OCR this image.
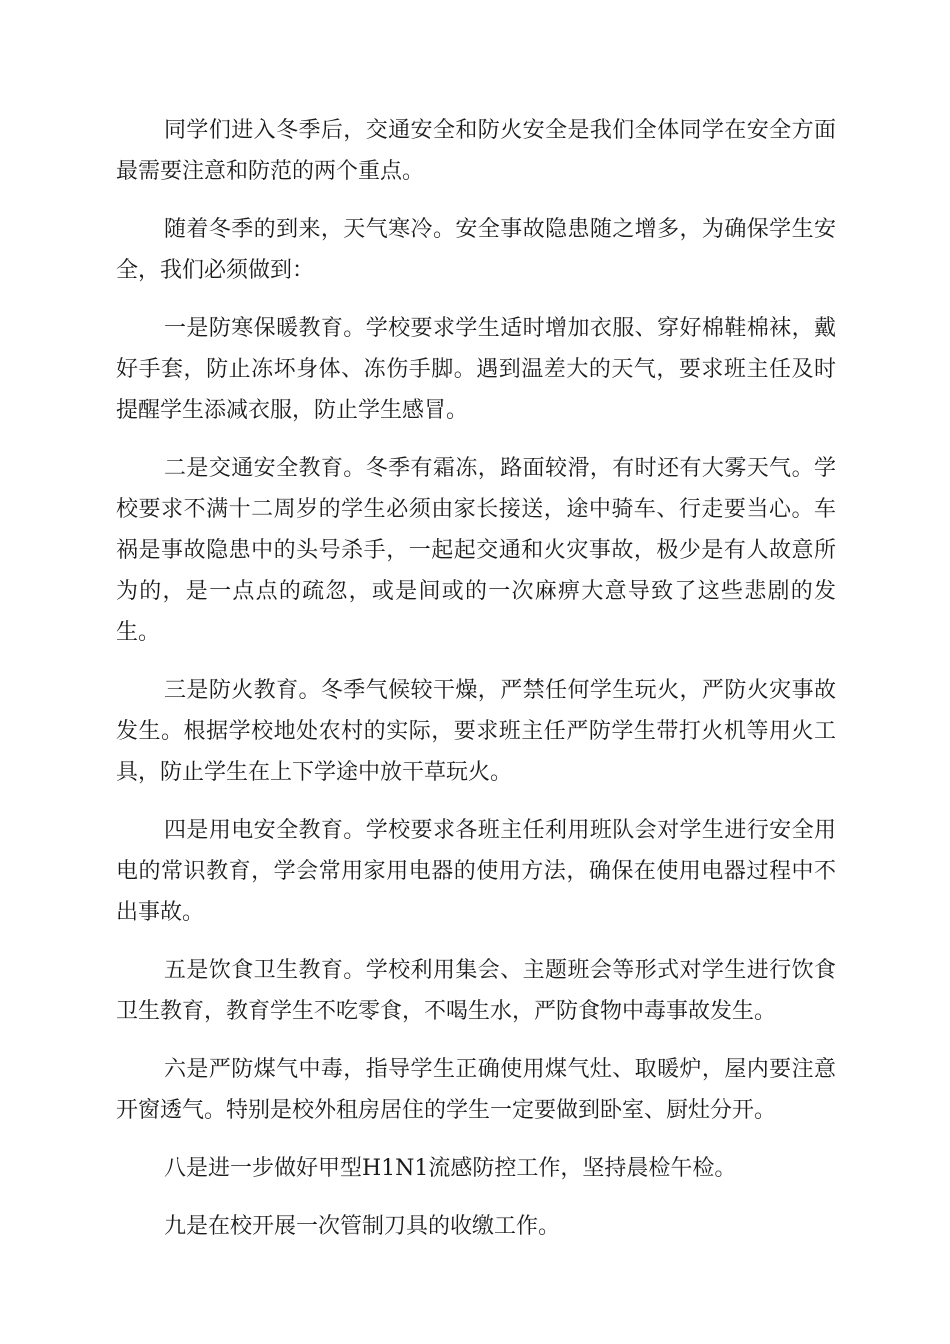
同学们进入冬季后，交通安全和防火安全是我们全体同学在安全方面最需要注意和防范的两个重点。

随着冬季的到来，天气寒冷。安全事故隐患随之增多，为确保学生安全，我们必须做到：

一是防寒保暖教育。学校要求学生适时增加衣服、穿好棉鞋棉袜，戴好手套，防止冻坏身体、冻伤手脚。遇到温差大的天气，要求班主任及时提醒学生添减衣服，防止学生感冒。

二是交通安全教育。冬季有霜冻，路面较滑，有时还有大雾天气。学校要求不满十二周岁的学生必须由家长接送，途中骑车、行走要当心。车祸是事故隐患中的头号杀手，一起起交通和火灾事故，极少是有人故意所为的，是一点点的疏忽，或是间或的一次麻痹大意导致了这些悲剧的发生。

三是防火教育。冬季气候较干燥，严禁任何学生玩火，严防火灾事故发生。根据学校地处农村的实际，要求班主任严防学生带打火机等用火工具，防止学生在上下学途中放干草玩火。

四是用电安全教育。学校要求各班主任利用班队会对学生进行安全用电的常识教育，学会常用家用电器的使用方法，确保在使用电器过程中不出事故。

五是饮食卫生教育。学校利用集会、主题班会等形式对学生进行饮食卫生教育，教育学生不吃零食，不喝生水，严防食物中毒事故发生。

六是严防煤气中毒，指导学生正确使用煤气灶、取暖炉，屋内要注意开窗透气。特别是校外租房居住的学生一定要做到卧室、厨灶分开。

八是进一步做好甲型H1N1流感防控工作，坚持晨检午检。

九是在校开展一次管制刀具的收缴工作。
